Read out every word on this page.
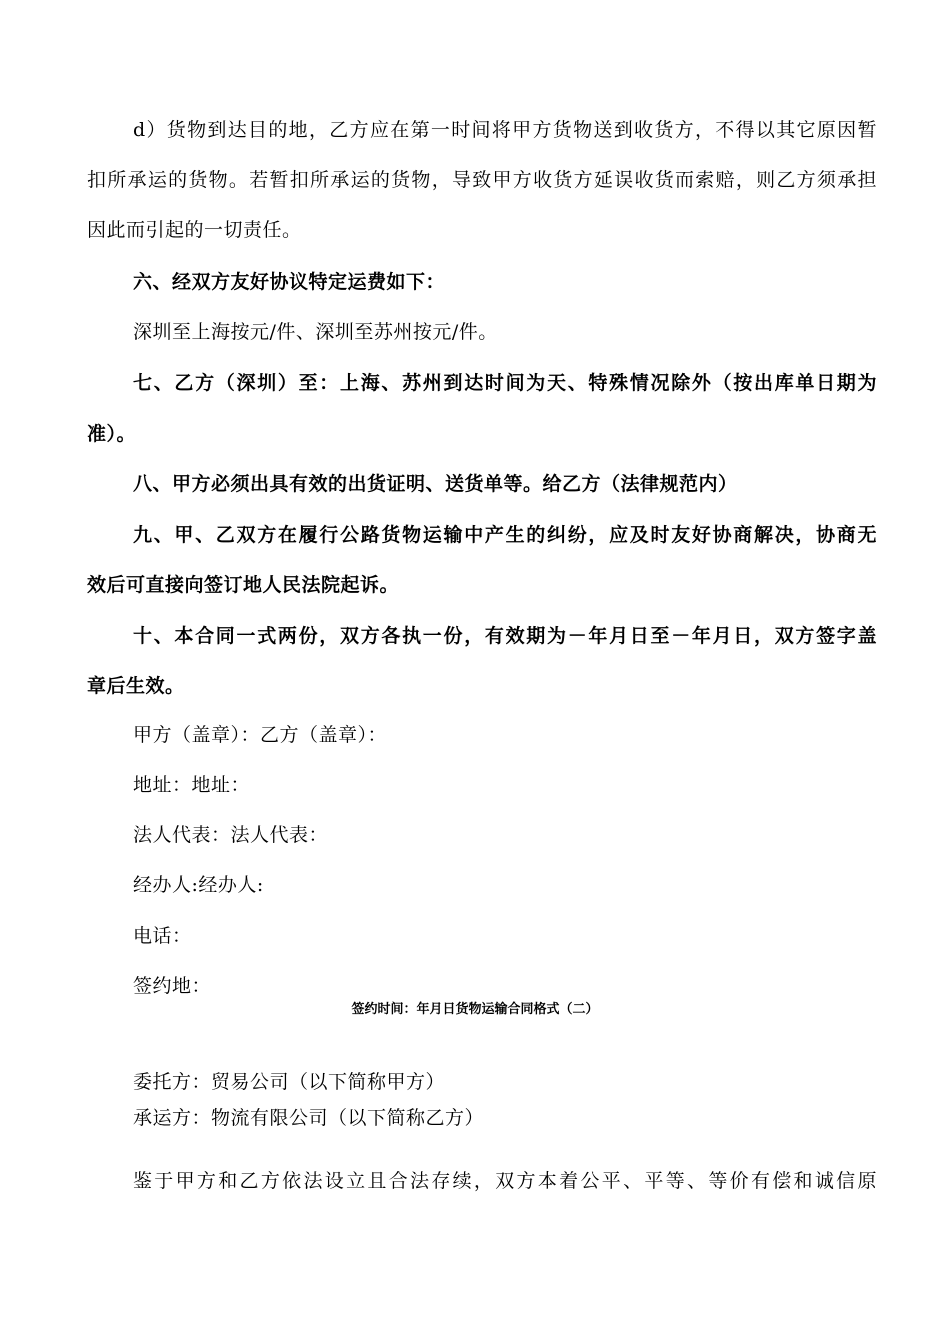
d）货物到达目的地，乙方应在第一时间将甲方货物送到收货方，不得以其它原因暂
扣所承运的货物。若暂扣所承运的货物，导致甲方收货方延误收货而索赔，则乙方须承担
因此而引起的一切责任。
六、经双方友好协议特定运费如下：
深圳至上海按元/件、深圳至苏州按元/件。
七、乙方（深圳）至：上海、苏州到达时间为天、特殊情况除外（按出库单日期为
准）。
八、甲方必须出具有效的出货证明、送货单等。给乙方（法律规范内）
九、甲、乙双方在履行公路货物运输中产生的纠纷，应及时友好协商解决，协商无
效后可直接向签订地人民法院起诉。
十、本合同一式两份，双方各执一份，有效期为－年月日至－年月日，双方签字盖
章后生效。
甲方（盖章）：乙方（盖章）：
地址：地址：
法人代表：法人代表：
经办人:经办人:
电话：
签约地：
签约时间：年月日货物运输合同格式（二）
委托方：贸易公司（以下简称甲方）
承运方：物流有限公司（以下简称乙方）
鉴于甲方和乙方依法设立且合法存续，双方本着公平、平等、等价有偿和诚信原
